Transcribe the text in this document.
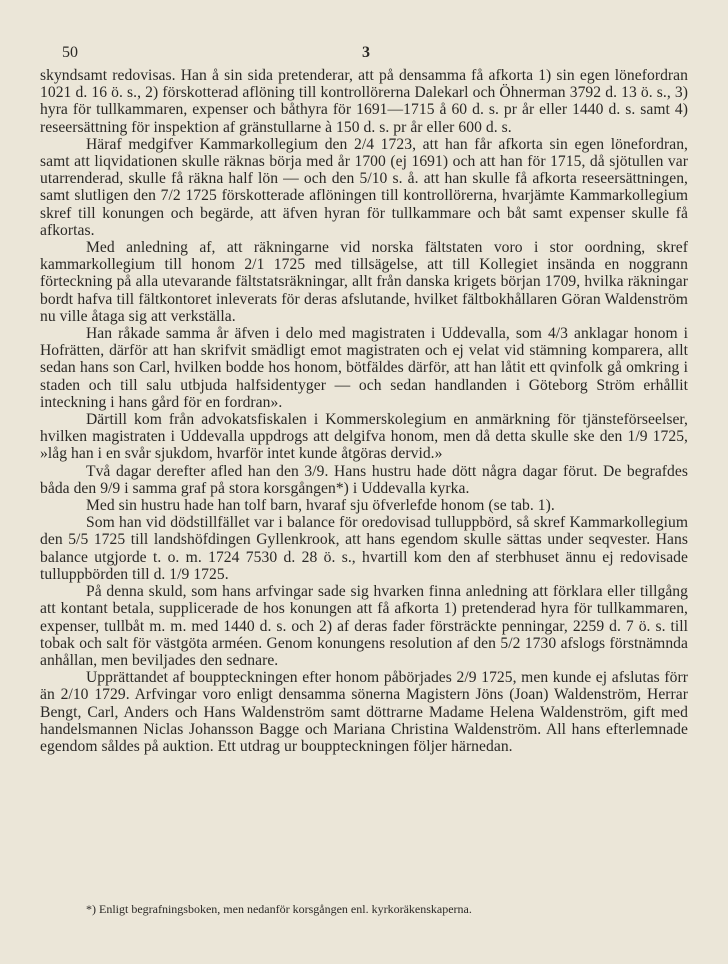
50	3

skyndsamt redovisas. Han å sin sida pretenderar, att på densamma få afkorta 1) sin egen lönefordran 1021 d. 16 ö. s., 2) förskotterad aflöning till kontrollörerna Dalekarl och Öhnerman 3792 d. 13 ö. s., 3) hyra för tullkammaren, expenser och båthyra för 1691—1715 å 60 d. s. pr år eller 1440 d. s. samt 4) reseersättning för inspektion af gränstullarne à 150 d. s. pr år eller 600 d. s.

Häraf medgifver Kammarkollegium den 2/4 1723, att han får afkorta sin egen lönefordran, samt att liqvidationen skulle räknas börja med år 1700 (ej 1691) och att han för 1715, då sjötullen var utarrenderad, skulle få räkna half lön — och den 5/10 s. å. att han skulle få afkorta reseersättningen, samt slutligen den 7/2 1725 förskotterade aflöningen till kontrollörerna, hvarjämte Kammarkollegium skref till konungen och begärde, att äfven hyran för tullkammare och båt samt expenser skulle få afkortas.

Med anledning af, att räkningarne vid norska fältstaten voro i stor oordning, skref kammarkollegium till honom 2/1 1725 med tillsägelse, att till Kollegiet insända en noggrann förteckning på alla utevarande fältstatsräkningar, allt från danska krigets början 1709, hvilka räkningar bordt hafva till fältkontoret inleverats för deras afslutande, hvilket fältbokhållaren Göran Waldenström nu ville åtaga sig att verkställa.

Han råkade samma år äfven i delo med magistraten i Uddevalla, som 4/3 anklagar honom i Hofrätten, därför att han skrifvit smädligt emot magistraten och ej velat vid stämning komparera, allt sedan hans son Carl, hvilken bodde hos honom, bötfäldes därför, att han låtit ett qvinfolk gå omkring i staden och till salu utbjuda halfsidentyger — och sedan handlanden i Göteborg Ström erhållit inteckning i hans gård för en fordran».

Därtill kom från advokatsfiskalen i Kommerskolegium en anmärkning för tjänsteförseelser, hvilken magistraten i Uddevalla uppdrogs att delgifva honom, men då detta skulle ske den 1/9 1725, »låg han i en svår sjukdom, hvarför intet kunde åtgöras dervid.»

Två dagar derefter afled han den 3/9. Hans hustru hade dött några dagar förut. De begrafdes båda den 9/9 i samma graf på stora korsgången*) i Uddevalla kyrka.

Med sin hustru hade han tolf barn, hvaraf sju öfverlefde honom (se tab. 1).

Som han vid dödstillfället var i balance för oredovisad tulluppbörd, så skref Kammarkollegium den 5/5 1725 till landshöfdingen Gyllenkrook, att hans egendom skulle sättas under seqvester. Hans balance utgjorde t. o. m. 1724 7530 d. 28 ö. s., hvartill kom den af sterbhuset ännu ej redovisade tulluppbörden till d. 1/9 1725.

På denna skuld, som hans arfvingar sade sig hvarken finna anledning att förklara eller tillgång att kontant betala, supplicerade de hos konungen att få afkorta 1) pretenderad hyra för tullkammaren, expenser, tullbåt m. m. med 1440 d. s. och 2) af deras fader försträckte penningar, 2259 d. 7 ö. s. till tobak och salt för västgöta arméen. Genom konungens resolution af den 5/2 1730 afslogs förstnämnda anhållan, men beviljades den sednare.

Upprättandet af bouppteckningen efter honom påbörjades 2/9 1725, men kunde ej afslutas förr än 2/10 1729. Arfvingar voro enligt densamma sönerna Magistern Jöns (Joan) Waldenström, Herrar Bengt, Carl, Anders och Hans Waldenström samt döttrarne Madame Helena Waldenström, gift med handelsmannen Niclas Johansson Bagge och Mariana Christina Waldenström. All hans efterlemnade egendom såldes på auktion. Ett utdrag ur bouppteckningen följer härnedan.

*) Enligt begrafningsboken, men nedanför korsgången enl. kyrkoräkenskaperna.
